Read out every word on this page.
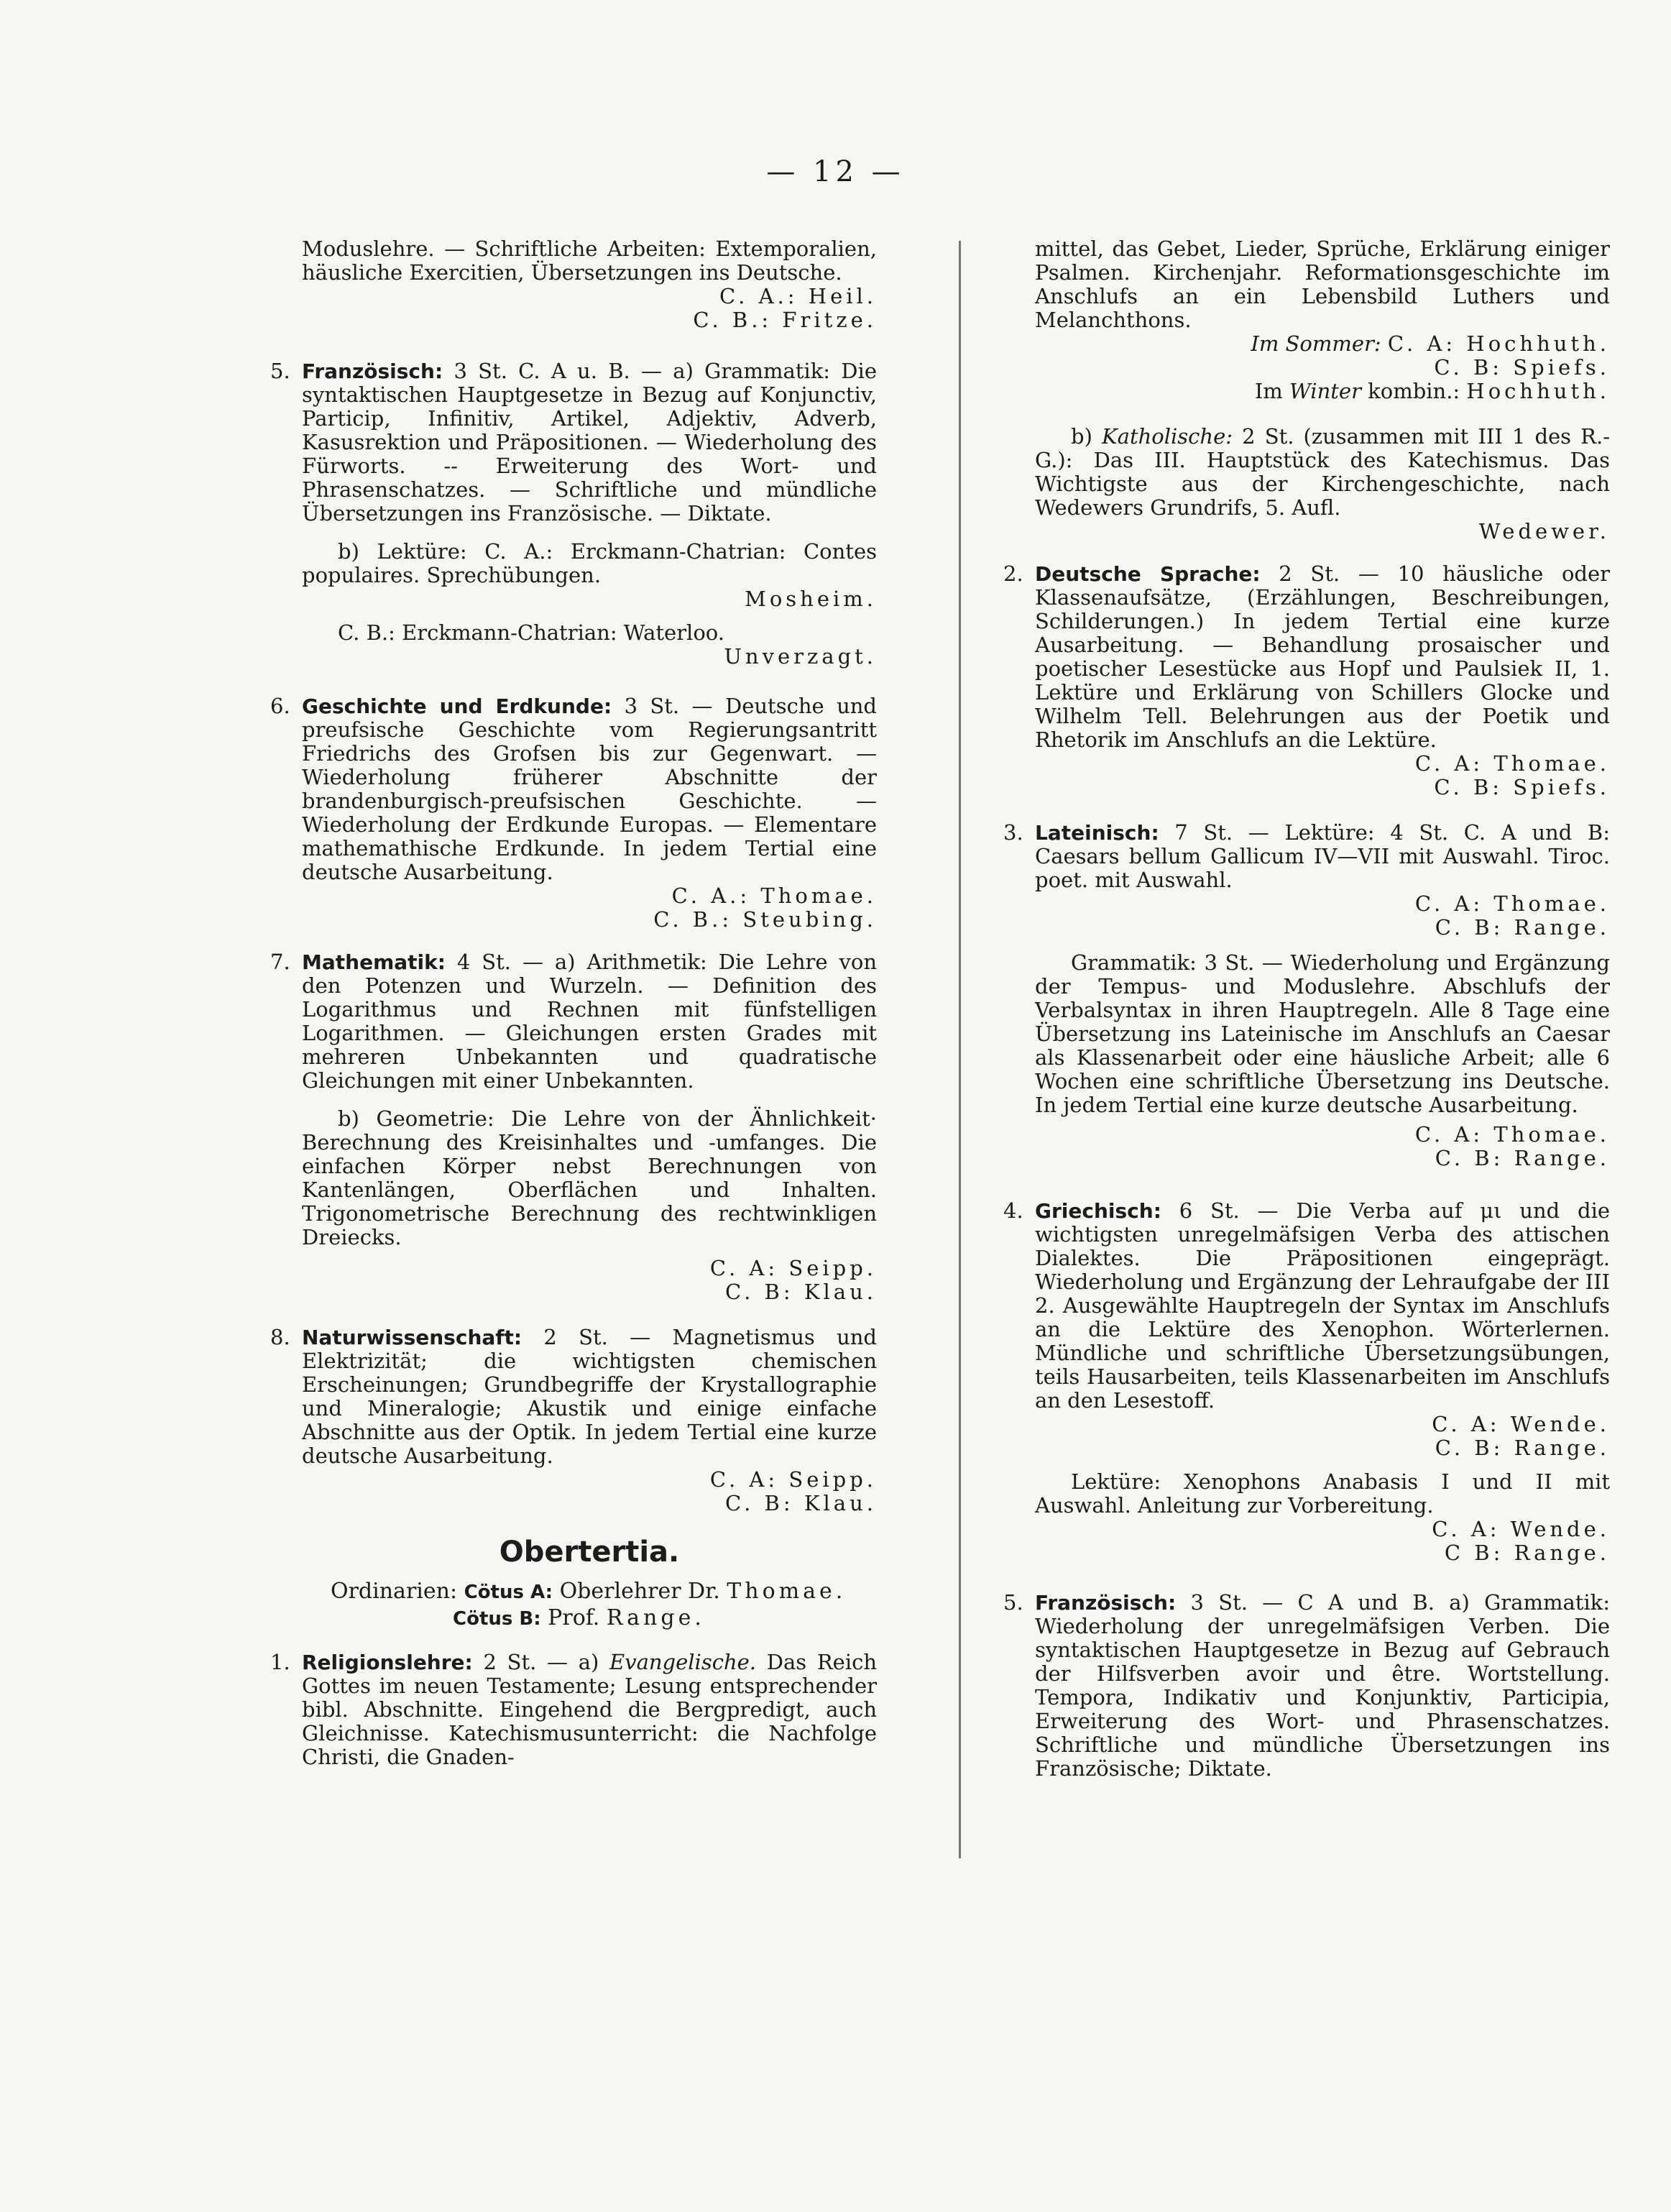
— 12 —

Moduslehre. — Schriftliche Arbeiten: Extemporalien, häusliche Exercitien, Übersetzungen ins Deutsche.

C. A.: Heil.

C. B.: Fritze.

5. Französisch: 3 St. C. A u. B. — a) Grammatik: Die syntaktischen Hauptgesetze in Bezug auf Konjunctiv, Particip, Infinitiv, Artikel, Adjektiv, Adverb, Kasusrektion und Präpositionen. — Wiederholung des Fürworts. -- Erweiterung des Wort- und Phrasenschatzes. — Schriftliche und mündliche Übersetzungen ins Französische. — Diktate.

b) Lektüre: C. A.: Erckmann-Chatrian: Contes populaires. Sprechübungen.

Mosheim.

C. B.: Erckmann-Chatrian: Waterloo.

Unverzagt.

6. Geschichte und Erdkunde: 3 St. — Deutsche und preufsische Geschichte vom Regierungsantritt Friedrichs des Grofsen bis zur Gegenwart. — Wiederholung früherer Abschnitte der brandenburgisch-preufsischen Geschichte. — Wiederholung der Erdkunde Europas. — Elementare mathemathische Erdkunde. In jedem Tertial eine deutsche Ausarbeitung.

C. A.: Thomae.

C. B.: Steubing.

7. Mathematik: 4 St. — a) Arithmetik: Die Lehre von den Potenzen und Wurzeln. — Definition des Logarithmus und Rechnen mit fünfstelligen Logarithmen. — Gleichungen ersten Grades mit mehreren Unbekannten und quadratische Gleichungen mit einer Unbekannten.

b) Geometrie: Die Lehre von der Ähnlichkeit· Berechnung des Kreisinhaltes und -umfanges. Die einfachen Körper nebst Berechnungen von Kantenlängen, Oberflächen und Inhalten. Trigonometrische Berechnung des rechtwinkligen Dreiecks.

C. A: Seipp.

C. B: Klau.

8. Naturwissenschaft: 2 St. — Magnetismus und Elektrizität; die wichtigsten chemischen Erscheinungen; Grundbegriffe der Krystallographie und Mineralogie; Akustik und einige einfache Abschnitte aus der Optik. In jedem Tertial eine kurze deutsche Ausarbeitung.

C. A: Seipp.

C. B: Klau.

Obertertia.

Ordinarien: Cötus A: Oberlehrer Dr. Thomae.

Cötus B: Prof. Range.

1. Religionslehre: 2 St. — a) Evangelische. Das Reich Gottes im neuen Testamente; Lesung entsprechender bibl. Abschnitte. Eingehend die Bergpredigt, auch Gleichnisse. Katechismusunterricht: die Nachfolge Christi, die Gnaden-

mittel, das Gebet, Lieder, Sprüche, Erklärung einiger Psalmen. Kirchenjahr. Reformationsgeschichte im Anschlufs an ein Lebensbild Luthers und Melanchthons.

Im Sommer: C. A: Hochhuth.

C. B: Spiefs.

Im Winter kombin.: Hochhuth.

b) Katholische: 2 St. (zusammen mit III 1 des R.-G.): Das III. Hauptstück des Katechismus. Das Wichtigste aus der Kirchengeschichte, nach Wedewers Grundrifs, 5. Aufl.

Wedewer.

2. Deutsche Sprache: 2 St. — 10 häusliche oder Klassenaufsätze, (Erzählungen, Beschreibungen, Schilderungen.) In jedem Tertial eine kurze Ausarbeitung. — Behandlung prosaischer und poetischer Lesestücke aus Hopf und Paulsiek II, 1. Lektüre und Erklärung von Schillers Glocke und Wilhelm Tell. Belehrungen aus der Poetik und Rhetorik im Anschlufs an die Lektüre.

C. A: Thomae.

C. B: Spiefs.

3. Lateinisch: 7 St. — Lektüre: 4 St. C. A und B: Caesars bellum Gallicum IV—VII mit Auswahl. Tiroc. poet. mit Auswahl.

C. A: Thomae.

C. B: Range.

Grammatik: 3 St. — Wiederholung und Ergänzung der Tempus- und Moduslehre. Abschlufs der Verbalsyntax in ihren Hauptregeln. Alle 8 Tage eine Übersetzung ins Lateinische im Anschlufs an Caesar als Klassenarbeit oder eine häusliche Arbeit; alle 6 Wochen eine schriftliche Übersetzung ins Deutsche. In jedem Tertial eine kurze deutsche Ausarbeitung.

C. A: Thomae.

C. B: Range.

4. Griechisch: 6 St. — Die Verba auf μι und die wichtigsten unregelmäfsigen Verba des attischen Dialektes. Die Präpositionen eingeprägt. Wiederholung und Ergänzung der Lehraufgabe der III 2. Ausgewählte Hauptregeln der Syntax im Anschlufs an die Lektüre des Xenophon. Wörterlernen. Mündliche und schriftliche Übersetzungsübungen, teils Hausarbeiten, teils Klassenarbeiten im Anschlufs an den Lesestoff.

C. A: Wende.

C. B: Range.

Lektüre: Xenophons Anabasis I und II mit Auswahl. Anleitung zur Vorbereitung.

C. A: Wende.

C B: Range.

5. Französisch: 3 St. — C A und B. a) Grammatik: Wiederholung der unregelmäfsigen Verben. Die syntaktischen Hauptgesetze in Bezug auf Gebrauch der Hilfsverben avoir und être. Wortstellung. Tempora, Indikativ und Konjunktiv, Participia, Erweiterung des Wort- und Phrasenschatzes. Schriftliche und mündliche Übersetzungen ins Französische; Diktate.
